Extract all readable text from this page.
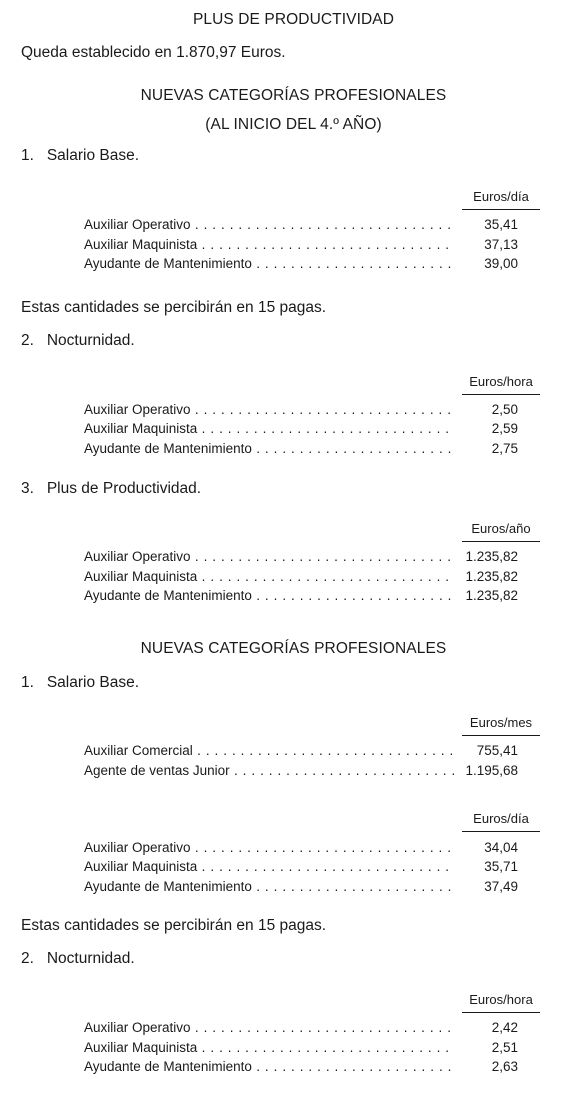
PLUS DE PRODUCTIVIDAD
Queda establecido en 1.870,97 Euros.
NUEVAS CATEGORÍAS PROFESIONALES
(AL INICIO DEL 4.º AÑO)
1.   Salario Base.
Euros/día
Auxiliar Operativo . . .	35,41
Auxiliar Maquinista . . .	37,13
Ayudante de Mantenimiento . . .	39,00
Estas cantidades se percibirán en 15 pagas.
2.   Nocturnidad.
Euros/hora
Auxiliar Operativo . . .	2,50
Auxiliar Maquinista . . .	2,59
Ayudante de Mantenimiento . . .	2,75
3.   Plus de Productividad.
Euros/año
Auxiliar Operativo . . .	1.235,82
Auxiliar Maquinista . . .	1.235,82
Ayudante de Mantenimiento . . .	1.235,82
NUEVAS CATEGORÍAS PROFESIONALES
1.   Salario Base.
Euros/mes
Auxiliar Comercial . . .	755,41
Agente de ventas Junior . . .	1.195,68
Euros/día
Auxiliar Operativo . . .	34,04
Auxiliar Maquinista . . .	35,71
Ayudante de Mantenimiento . . .	37,49
Estas cantidades se percibirán en 15 pagas.
2.   Nocturnidad.
Euros/hora
Auxiliar Operativo . . .	2,42
Auxiliar Maquinista . . .	2,51
Ayudante de Mantenimiento . . .	2,63
